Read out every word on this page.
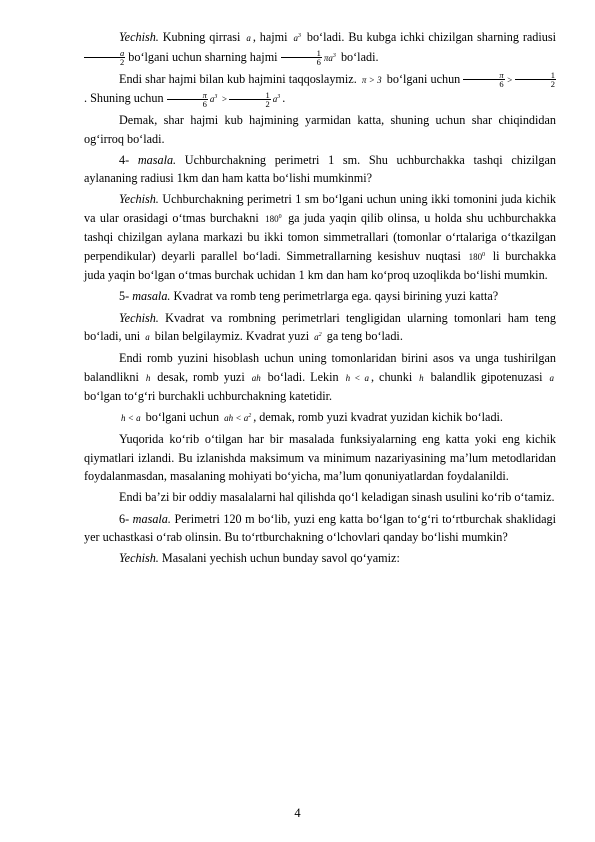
Yechish. Kubning qirrasi a , hajmi $a^3$ bo‘ladi. Bu kubga ichki chizilgan sharning radiusi
$\frac{a}{2}$ bo‘lgani uchun sharning hajmi $\frac{1}{6} \pi a^3$ bo‘ladi.

Endi shar hajmi bilan kub hajmini taqqoslaymiz. π > 3 bo‘lgani uchun $\frac{\pi}{6} > \frac{1}{2}$
. Shuning uchun $\frac{\pi}{6} a^3 > \frac{1}{2} a^3$ .

Demak, shar hajmi kub hajmining yarmidan katta, shuning uchun shar chiqindidan og‘irroq bo‘ladi.

4- masala. Uchburchakning perimetri 1 sm. Shu uchburchakka tashqi chizilgan aylananing radiusi 1km dan ham katta bo‘lishi mumkinmi?

Yechish. Uchburchakning perimetri 1 sm bo‘lgani uchun uning ikki tomonini juda kichik va ular orasidagi o‘tmas burchakni $180^0$ ga juda yaqin qilib olinsa, u holda shu uchburchakka tashqi chizilgan aylana markazi bu ikki tomon simmetrallari (tomonlar o‘rtalariga o‘tkazilgan perpendikular) deyarli parallel bo‘ladi. Simmetrallarning kesishuv nuqtasi $180^0$ li burchakka juda yaqin bo‘lgan o‘tmas burchak uchidan 1 km dan ham ko‘proq uzoqlikda bo‘lishi mumkin.

5- masala. Kvadrat va romb teng perimetrlarga ega. qaysi birining yuzi katta?

Yechish. Kvadrat va rombning perimetrlari tengligidan ularning tomonlari ham teng bo‘ladi, uni a bilan belgilaymiz. Kvadrat yuzi $a^2$ ga teng bo‘ladi.

Endi romb yuzini hisoblash uchun uning tomonlaridan birini asos va unga tushirilgan balandlikni h desak, romb yuzi ah bo‘ladi. Lekin h < a , chunki h balandlik gipotenuzasi a bo‘lgan to‘g‘ri burchakli uchburchakning katetidir.

h < a bo‘lgani uchun ah < $a^2$ , demak, romb yuzi kvadrat yuzidan kichik bo‘ladi.

Yuqorida ko‘rib o‘tilgan har bir masalada funksiyalarning eng katta yoki eng kichik qiymatlari izlandi. Bu izlanishda maksimum va minimum nazariyasining ma’lum metodlaridan foydalanmasdan, masalaning mohiyati bo‘yicha, ma’lum qonuniyatlardan foydalanildi.

Endi ba’zi bir oddiy masalalarni hal qilishda qo‘l keladigan sinash usulini ko‘rib o‘tamiz.

6- masala. Perimetri 120 m bo‘lib, yuzi eng katta bo‘lgan to‘g‘ri to‘rtburchak shaklidagi yer uchastkasi o‘rab olinsin. Bu to‘rtburchakning o‘lchovlari qanday bo‘lishi mumkin?

Yechish. Masalani yechish uchun bunday savol qo‘yamiz:

4
